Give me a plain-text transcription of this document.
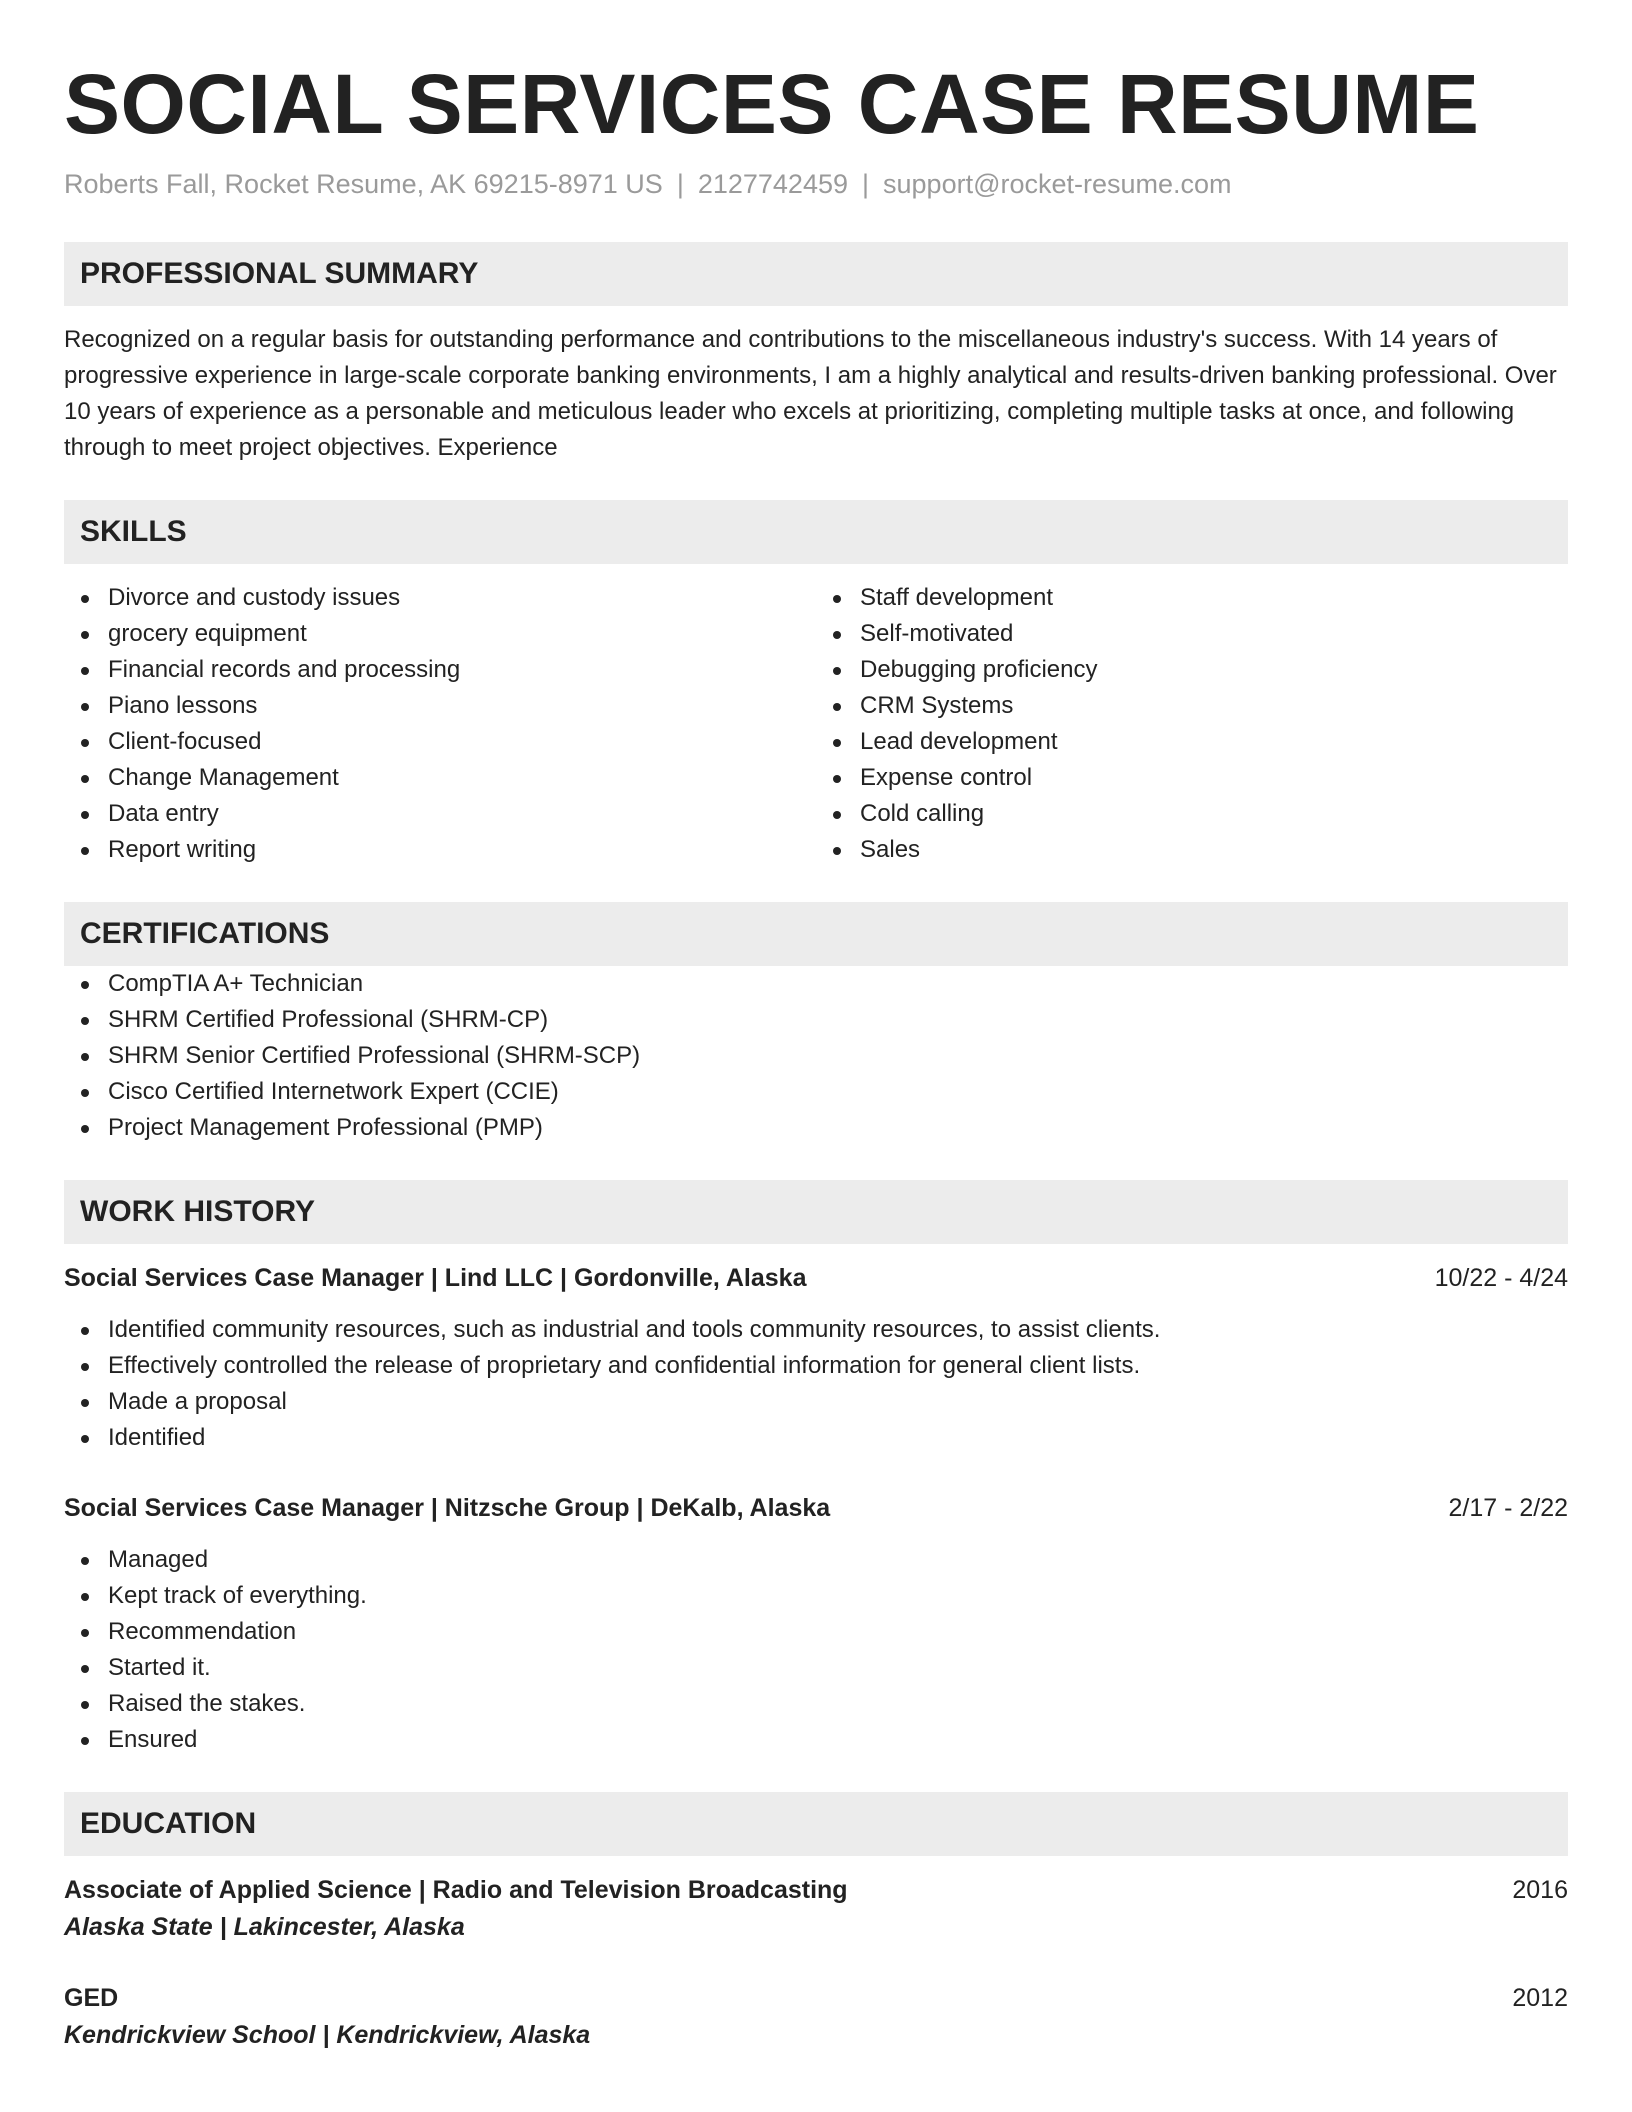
SOCIAL SERVICES CASE RESUME
Roberts Fall, Rocket Resume, AK 69215-8971 US | 2127742459 | support@rocket-resume.com
PROFESSIONAL SUMMARY

Recognized on a regular basis for outstanding performance and contributions to the miscellaneous industry's success. With 14 years of progressive experience in large-scale corporate banking environments, I am a highly analytical and results-driven banking professional. Over 10 years of experience as a personable and meticulous leader who excels at prioritizing, completing multiple tasks at once, and following through to meet project objectives. Experience

SKILLS
Divorce and custody issues
grocery equipment
Financial records and processing
Piano lessons
Client-focused
Change Management
Data entry
Report writing
Staff development
Self-motivated
Debugging proficiency
CRM Systems
Lead development
Expense control
Cold calling
Sales
CERTIFICATIONS
CompTIA A+ Technician
SHRM Certified Professional (SHRM-CP)
SHRM Senior Certified Professional (SHRM-SCP)
Cisco Certified Internetwork Expert (CCIE)
Project Management Professional (PMP)
WORK HISTORY
Social Services Case Manager | Lind LLC | Gordonville, Alaska	10/22 - 4/24
Identified community resources, such as industrial and tools community resources, to assist clients.
Effectively controlled the release of proprietary and confidential information for general client lists.
Made a proposal
Identified
Social Services Case Manager | Nitzsche Group | DeKalb, Alaska	2/17 - 2/22
Managed
Kept track of everything.
Recommendation
Started it.
Raised the stakes.
Ensured
EDUCATION
Associate of Applied Science | Radio and Television Broadcasting	2016
Alaska State | Lakincester, Alaska
GED	2012
Kendrickview School | Kendrickview, Alaska
